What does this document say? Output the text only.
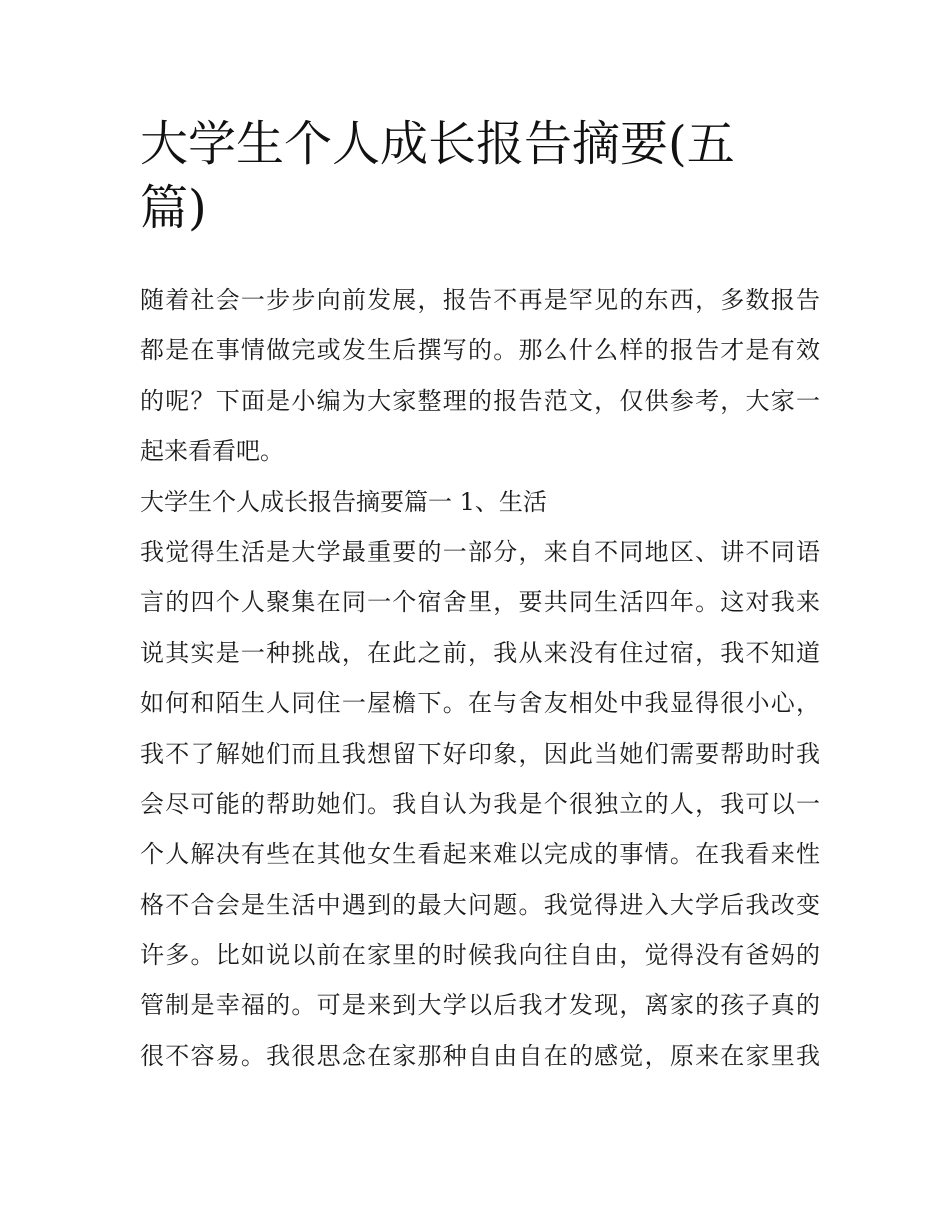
大学生个人成长报告摘要(五
篇)
随着社会一步步向前发展，报告不再是罕见的东西，多数报告
都是在事情做完或发生后撰写的。那么什么样的报告才是有效
的呢？下面是小编为大家整理的报告范文，仅供参考，大家一
起来看看吧。
大学生个人成长报告摘要篇一 1、生活
我觉得生活是大学最重要的一部分，来自不同地区、讲不同语
言的四个人聚集在同一个宿舍里，要共同生活四年。这对我来
说其实是一种挑战，在此之前，我从来没有住过宿，我不知道
如何和陌生人同住一屋檐下。在与舍友相处中我显得很小心，
我不了解她们而且我想留下好印象，因此当她们需要帮助时我
会尽可能的帮助她们。我自认为我是个很独立的人，我可以一
个人解决有些在其他女生看起来难以完成的事情。在我看来性
格不合会是生活中遇到的最大问题。我觉得进入大学后我改变
许多。比如说以前在家里的时候我向往自由，觉得没有爸妈的
管制是幸福的。可是来到大学以后我才发现，离家的孩子真的
很不容易。我很思念在家那种自由自在的感觉，原来在家里我
